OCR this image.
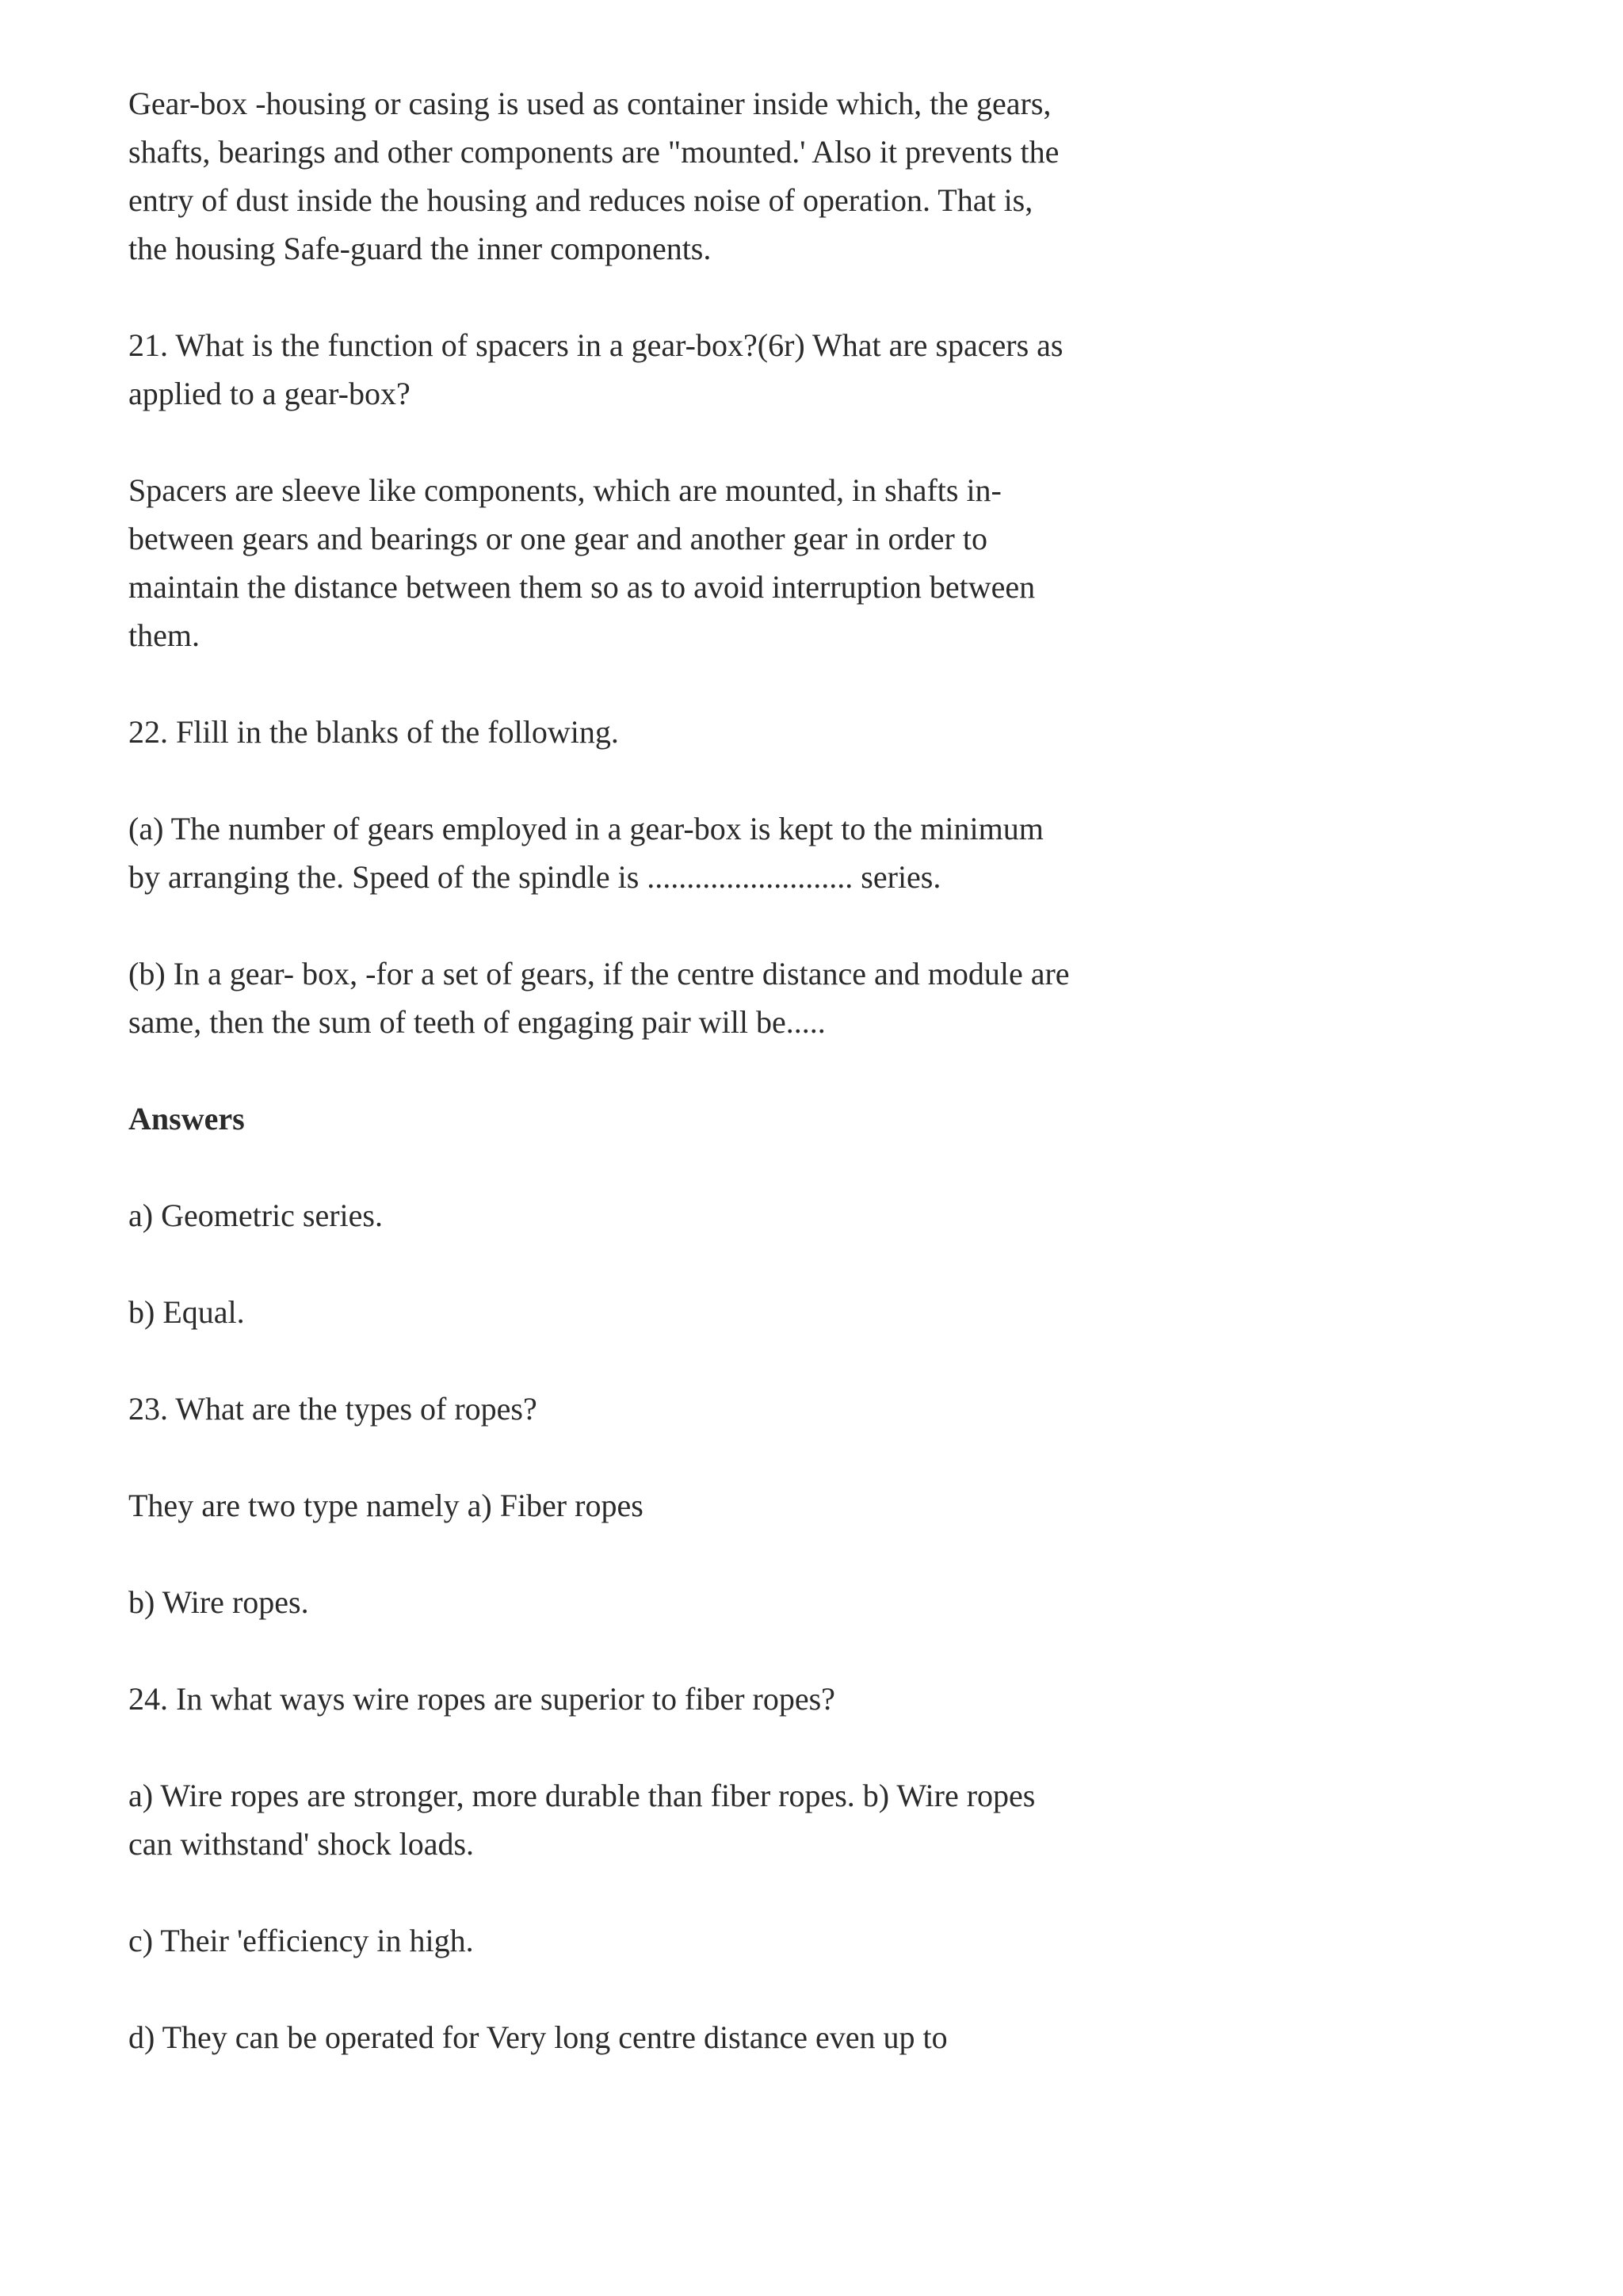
Gear-box -housing or casing is used as container inside which, the gears, shafts, bearings and other components are "mounted.' Also it prevents the entry of dust inside the housing and reduces noise of operation. That is, the housing Safe-guard the inner components.

21. What is the function of spacers in a gear-box?(6r) What are spacers as applied to a gear-box?

Spacers are sleeve like components, which are mounted, in shafts in-between gears and bearings or one gear and another gear in order to maintain the distance between them so as to avoid interruption between them.

22. Flill in the blanks of the following.

(a) The number of gears employed in a gear-box is kept to the minimum by arranging the. Speed of the spindle is .......................... series.

(b) In a gear- box, -for a set of gears, if the centre distance and module are same, then the sum of teeth of engaging pair will be.....

Answers

a) Geometric series.

b) Equal.

23. What are the types of ropes?

They are two type namely a) Fiber ropes

b) Wire ropes.

24. In what ways wire ropes are superior to fiber ropes?

a) Wire ropes are stronger, more durable than fiber ropes. b) Wire ropes can withstand' shock loads.

c) Their 'efficiency in high.

d) They can be operated for Very long centre distance even up to
